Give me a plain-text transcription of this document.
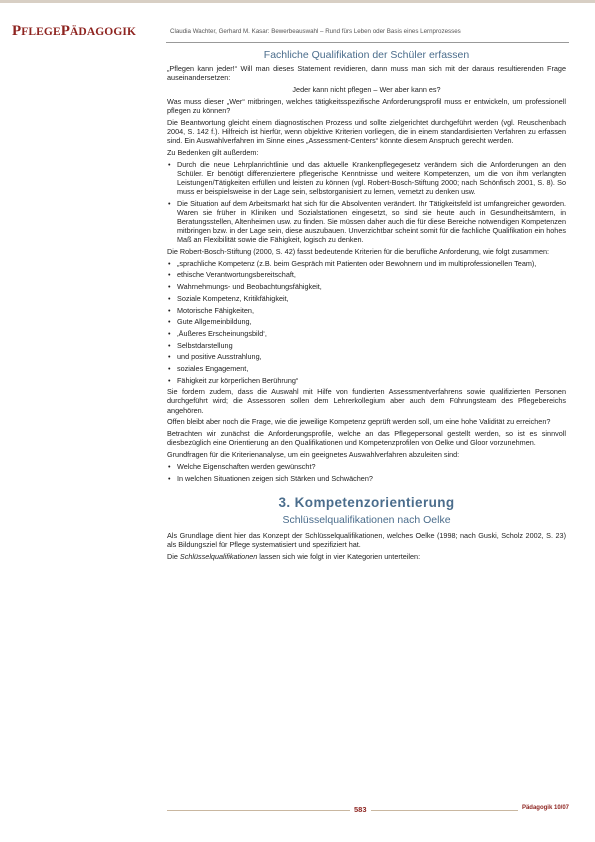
PFLEGEPÄDAGOGIK	Claudia Wachter, Gerhard M. Kasar: Bewerbeauswahl – Rund fürs Leben oder Basis eines Lernprozesses
Fachliche Qualifikation der Schüler erfassen

„Pflegen kann jeder!“ Will man dieses Statement revidieren, dann muss man sich mit der daraus resultierenden Frage auseinandersetzen:

Jeder kann nicht pflegen – Wer aber kann es?

Was muss dieser „Wer“ mitbringen, welches tätigkeitsspezifische Anforderungsprofil muss er entwickeln, um professionell pflegen zu können?

Die Beantwortung gleicht einem diagnostischen Prozess und sollte zielgerichtet durchgeführt werden (vgl. Reuschenbach 2004, S. 142 f.). Hilfreich ist hierfür, wenn objektive Kriterien vorliegen, die in einem standardisierten Verfahren zu erfassen sind. Ein Auswahlverfahren im Sinne eines „Assessment-Centers“ könnte diesem Anspruch gerecht werden.

Zu Bedenken gilt außerdem:

• Durch die neue Lehrplanrichtlinie und das aktuelle Krankenpflegegesetz verändern sich die Anforderungen an den Schüler. Er benötigt differenziertere pflegerische Kenntnisse und weitere Kompetenzen, um die von ihm verlangten Leistungen/Tätigkeiten erfüllen und leisten zu können (vgl. Robert-Bosch-Stiftung 2000; nach Schönfisch 2001, S. 8). So muss er beispielsweise in der Lage sein, selbstorganisiert zu lernen, vernetzt zu denken usw.
• Die Situation auf dem Arbeitsmarkt hat sich für die Absolventen verändert. Ihr Tätigkeitsfeld ist umfangreicher geworden. Waren sie früher in Kliniken und Sozialstationen eingesetzt, so sind sie heute auch in Gesundheitsämtern, in Beratungsstellen, Altenheimen usw. zu finden. Sie müssen daher auch die für diese Bereiche notwendigen Kompetenzen mitbringen bzw. in der Lage sein, diese auszubauen. Unverzichtbar scheint somit für die fachliche Qualifikation ein hohes Maß an Flexibilität sowie die Fähigkeit, logisch zu denken.

Die Robert-Bosch-Stiftung (2000, S. 42) fasst bedeutende Kriterien für die berufliche Anforderung, wie folgt zusammen:

• „sprachliche Kompetenz (z.B. beim Gespräch mit Patienten oder Bewohnern und im multiprofessionellen Team),
• ethische Verantwortungsbereitschaft,
• Wahrnehmungs- und Beobachtungsfähigkeit,
• Soziale Kompetenz, Kritikfähigkeit,
• Motorische Fähigkeiten,
• Gute Allgemeinbildung,
• ‚Äußeres Erscheinungsbild‘,
• Selbstdarstellung
• und positive Ausstrahlung,
• soziales Engagement,
• Fähigkeit zur körperlichen Berührung“

Sie fordern zudem, dass die Auswahl mit Hilfe von fundierten Assessmentverfahrens sowie qualifizierten Personen durchgeführt wird; die Assessoren sollen dem Lehrerkollegium aber auch dem Führungsteam des Pflegebereichs angehören.

Offen bleibt aber noch die Frage, wie die jeweilige Kompetenz geprüft werden soll, um eine hohe Validität zu erreichen?

Betrachten wir zunächst die Anforderungsprofile, welche an das Pflegepersonal gestellt werden, so ist es sinnvoll diesbezüglich eine Orientierung an den Qualifikationen und Kompetenzprofilen von Oelke und Gloor vorzunehmen.

Grundfragen für die Kriterienanalyse, um ein geeignetes Auswahlverfahren abzuleiten sind:

• Welche Eigenschaften werden gewünscht?
• In welchen Situationen zeigen sich Stärken und Schwächen?
3. Kompetenzorientierung
Schlüsselqualifikationen nach Oelke

Als Grundlage dient hier das Konzept der Schlüsselqualifikationen, welches Oelke (1998; nach Guski, Scholz 2002, S. 23) als Bildungsziel für Pflege systematisiert und spezifiziert hat.

Die Schlüsselqualifikationen lassen sich wie folgt in vier Kategorien unterteilen:

583	Pädagogik 10/07
